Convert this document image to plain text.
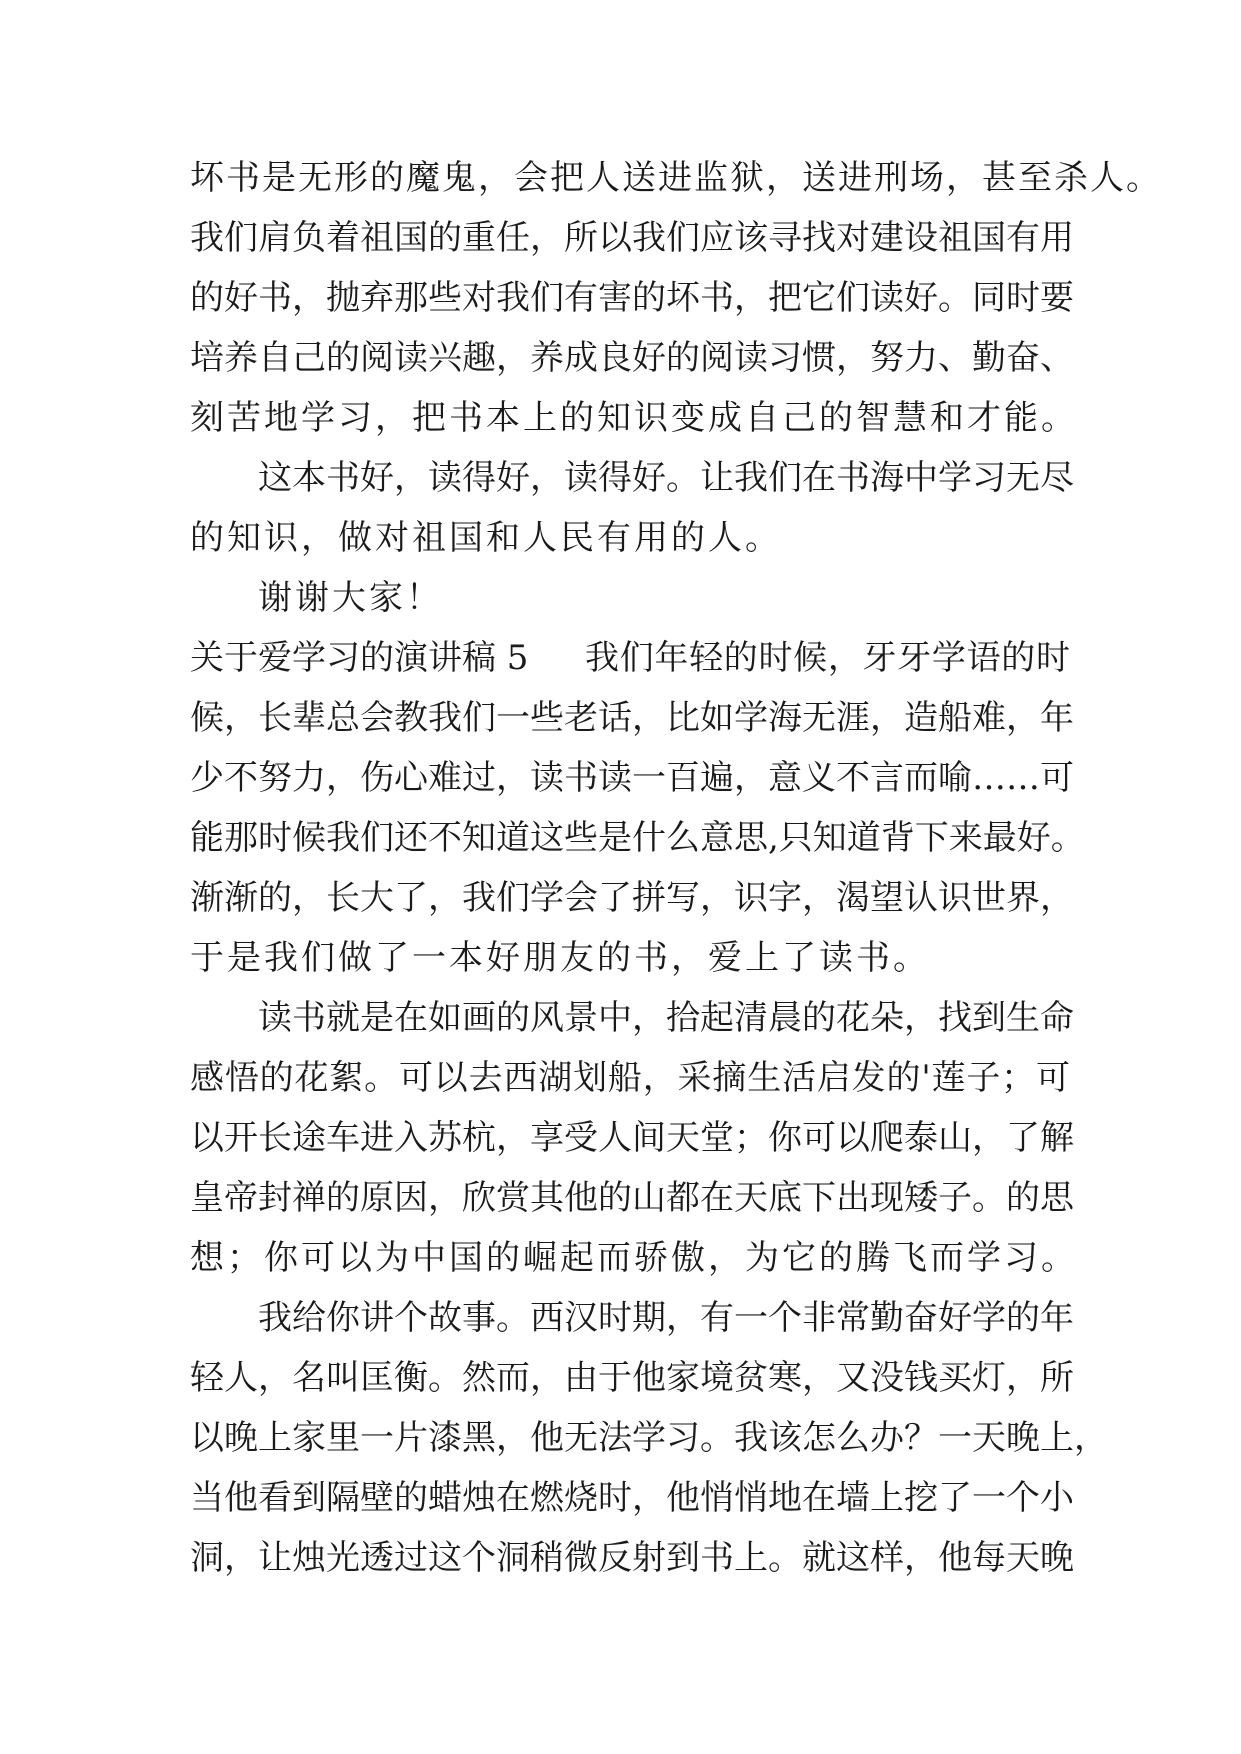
坏书是无形的魔鬼，会把人送进监狱，送进刑场，甚至杀人。
我们肩负着祖国的重任，所以我们应该寻找对建设祖国有用
的好书，抛弃那些对我们有害的坏书，把它们读好。同时要
培养自己的阅读兴趣，养成良好的阅读习惯，努力、勤奋、
刻苦地学习，把书本上的知识变成自己的智慧和才能。
这本书好，读得好，读得好。让我们在书海中学习无尽
的知识，做对祖国和人民有用的人。
谢谢大家！
关于爱学习的演讲稿 5 我们年轻的时候，牙牙学语的时
候，长辈总会教我们一些老话，比如学海无涯，造船难，年
少不努力，伤心难过，读书读一百遍，意义不言而喻……可
能那时候我们还不知道这些是什么意思,只知道背下来最好。
渐渐的，长大了，我们学会了拼写，识字，渴望认识世界，
于是我们做了一本好朋友的书，爱上了读书。
读书就是在如画的风景中，拾起清晨的花朵，找到生命
感悟的花絮。可以去西湖划船，采摘生活启发的'莲子；可
以开长途车进入苏杭，享受人间天堂；你可以爬泰山，了解
皇帝封禅的原因，欣赏其他的山都在天底下出现矮子。的思
想；你可以为中国的崛起而骄傲，为它的腾飞而学习。
我给你讲个故事。西汉时期，有一个非常勤奋好学的年
轻人，名叫匡衡。然而，由于他家境贫寒，又没钱买灯，所
以晚上家里一片漆黑，他无法学习。我该怎么办？一天晚上，
当他看到隔壁的蜡烛在燃烧时，他悄悄地在墙上挖了一个小
洞，让烛光透过这个洞稍微反射到书上。就这样，他每天晚
